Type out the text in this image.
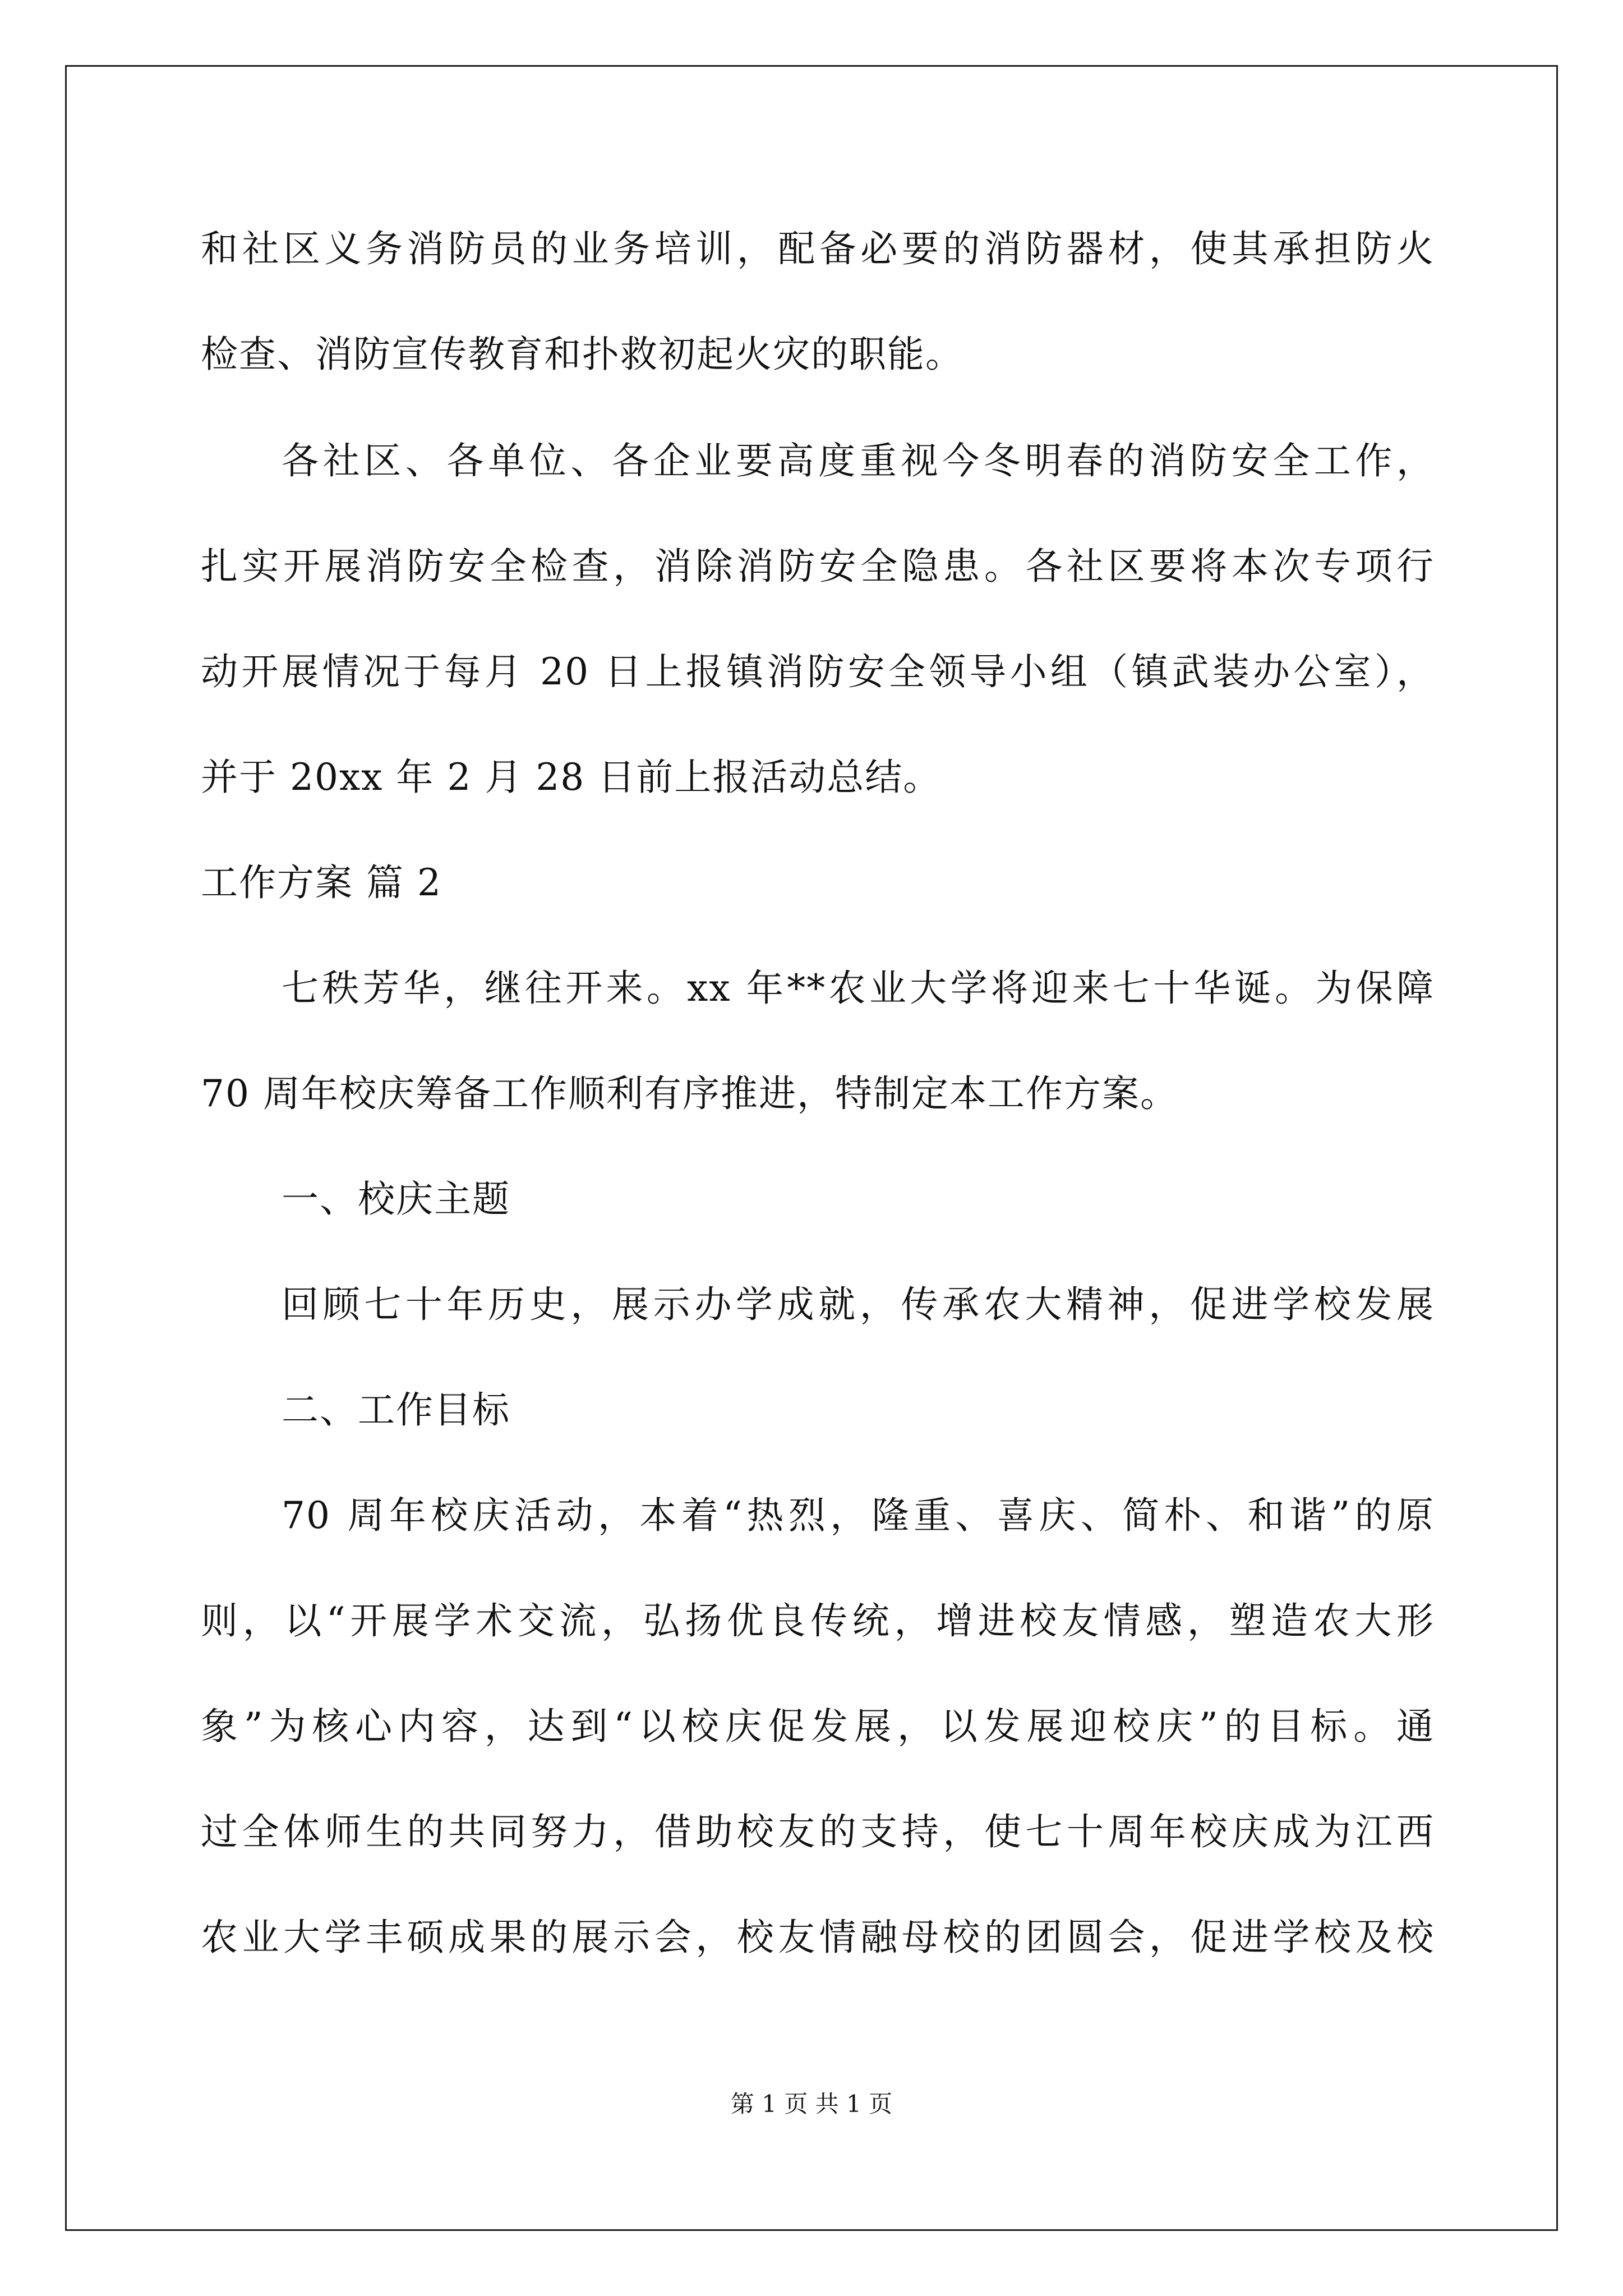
和社区义务消防员的业务培训，配备必要的消防器材，使其承担防火
检查、消防宣传教育和扑救初起火灾的职能。
各社区、各单位、各企业要高度重视今冬明春的消防安全工作，
扎实开展消防安全检查，消除消防安全隐患。各社区要将本次专项行
动开展情况于每月 20 日上报镇消防安全领导小组（镇武装办公室），
并于 20xx 年 2 月 28 日前上报活动总结。
工作方案 篇 2
七秩芳华，继往开来。xx 年**农业大学将迎来七十华诞。为保障
70 周年校庆筹备工作顺利有序推进，特制定本工作方案。
一、校庆主题
回顾七十年历史，展示办学成就，传承农大精神，促进学校发展
二、工作目标
70 周年校庆活动，本着“热烈，隆重、喜庆、简朴、和谐”的原
则，以“开展学术交流，弘扬优良传统，增进校友情感，塑造农大形
象”为核心内容，达到“以校庆促发展，以发展迎校庆”的目标。通
过全体师生的共同努力，借助校友的支持，使七十周年校庆成为江西
农业大学丰硕成果的展示会，校友情融母校的团圆会，促进学校及校
第 1 页 共 1 页
